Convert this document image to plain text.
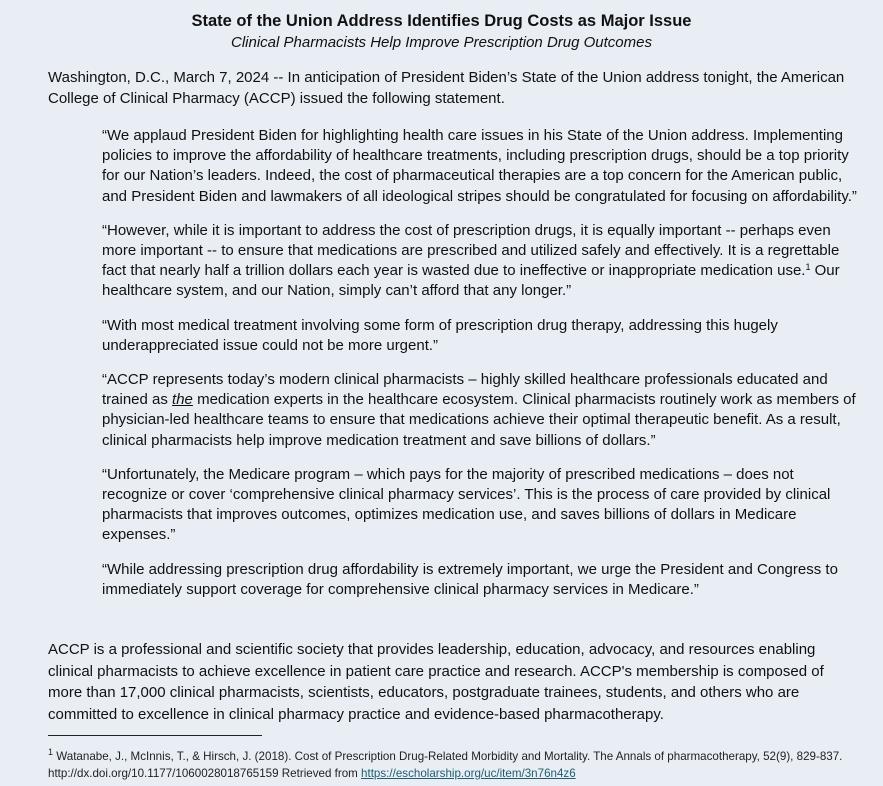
State of the Union Address Identifies Drug Costs as Major Issue
Clinical Pharmacists Help Improve Prescription Drug Outcomes
Washington, D.C., March 7, 2024 -- In anticipation of President Biden’s State of the Union address tonight, the American College of Clinical Pharmacy (ACCP) issued the following statement.

“We applaud President Biden for highlighting health care issues in his State of the Union address. Implementing policies to improve the affordability of healthcare treatments, including prescription drugs, should be a top priority for our Nation’s leaders. Indeed, the cost of pharmaceutical therapies are a top concern for the American public, and President Biden and lawmakers of all ideological stripes should be congratulated for focusing on affordability.”

“However, while it is important to address the cost of prescription drugs, it is equally important -- perhaps even more important -- to ensure that medications are prescribed and utilized safely and effectively. It is a regrettable fact that nearly half a trillion dollars each year is wasted due to ineffective or inappropriate medication use.$^1$ Our healthcare system, and our Nation, simply can’t afford that any longer.”

“With most medical treatment involving some form of prescription drug therapy, addressing this hugely underappreciated issue could not be more urgent.”

“ACCP represents today’s modern clinical pharmacists – highly skilled healthcare professionals educated and trained as the medication experts in the healthcare ecosystem. Clinical pharmacists routinely work as members of physician-led healthcare teams to ensure that medications achieve their optimal therapeutic benefit. As a result, clinical pharmacists help improve medication treatment and save billions of dollars.”

“Unfortunately, the Medicare program – which pays for the majority of prescribed medications – does not recognize or cover ‘comprehensive clinical pharmacy services’. This is the process of care provided by clinical pharmacists that improves outcomes, optimizes medication use, and saves billions of dollars in Medicare expenses.”

“While addressing prescription drug affordability is extremely important, we urge the President and Congress to immediately support coverage for comprehensive clinical pharmacy services in Medicare.”

ACCP is a professional and scientific society that provides leadership, education, advocacy, and resources enabling clinical pharmacists to achieve excellence in patient care practice and research. ACCP's membership is composed of more than 17,000 clinical pharmacists, scientists, educators, postgraduate trainees, students, and others who are committed to excellence in clinical pharmacy practice and evidence-based pharmacotherapy.
$^1$ Watanabe, J., McInnis, T., & Hirsch, J. (2018). Cost of Prescription Drug-Related Morbidity and Mortality. The Annals of pharmacotherapy, 52(9), 829-837. http://dx.doi.org/10.1177/1060028018765159 Retrieved from https://escholarship.org/uc/item/3n76n4z6
